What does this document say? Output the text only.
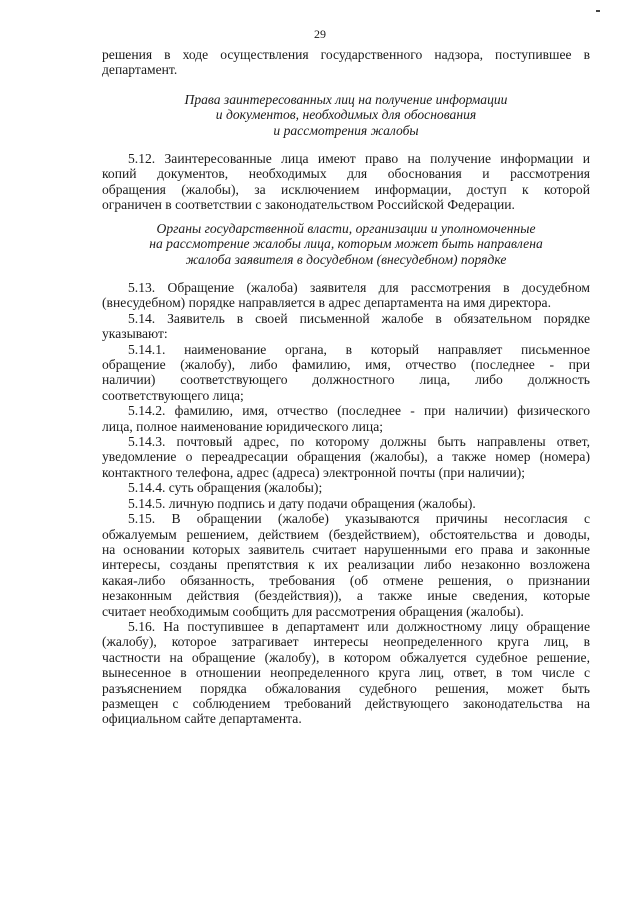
29
решения в ходе осуществления государственного надзора, поступившее в
департамент.
Права заинтересованных лиц на получение информации
и документов, необходимых для обоснования
и рассмотрения жалобы
5.12. Заинтересованные лица имеют право на получение информации и
копий документов, необходимых для обоснования и рассмотрения
обращения (жалобы), за исключением информации, доступ к которой
ограничен в соответствии с законодательством Российской Федерации.
Органы государственной власти, организации и уполномоченные
на рассмотрение жалобы лица, которым может быть направлена
жалоба заявителя в досудебном (внесудебном) порядке
5.13. Обращение (жалоба) заявителя для рассмотрения в досудебном
(внесудебном) порядке направляется в адрес департамента на имя директора.
5.14. Заявитель в своей письменной жалобе в обязательном порядке
указывают:
5.14.1. наименование органа, в который направляет письменное
обращение (жалобу), либо фамилию, имя, отчество (последнее - при
наличии) соответствующего должностного лица, либо должность
соответствующего лица;
5.14.2. фамилию, имя, отчество (последнее - при наличии) физического
лица, полное наименование юридического лица;
5.14.3. почтовый адрес, по которому должны быть направлены ответ,
уведомление о переадресации обращения (жалобы), а также номер (номера)
контактного телефона, адрес (адреса) электронной почты (при наличии);
5.14.4. суть обращения (жалобы);
5.14.5. личную подпись и дату подачи обращения (жалобы).
5.15. В обращении (жалобе) указываются причины несогласия с
обжалуемым решением, действием (бездействием), обстоятельства и доводы,
на основании которых заявитель считает нарушенными его права и законные
интересы, созданы препятствия к их реализации либо незаконно возложена
какая-либо обязанность, требования (об отмене решения, о признании
незаконным действия (бездействия)), а также иные сведения, которые
считает необходимым сообщить для рассмотрения обращения (жалобы).
5.16. На поступившее в департамент или должностному лицу обращение
(жалобу), которое затрагивает интересы неопределенного круга лиц, в
частности на обращение (жалобу), в котором обжалуется судебное решение,
вынесенное в отношении неопределенного круга лиц, ответ, в том числе с
разъяснением порядка обжалования судебного решения, может быть
размещен с соблюдением требований действующего законодательства на
официальном сайте департамента.
